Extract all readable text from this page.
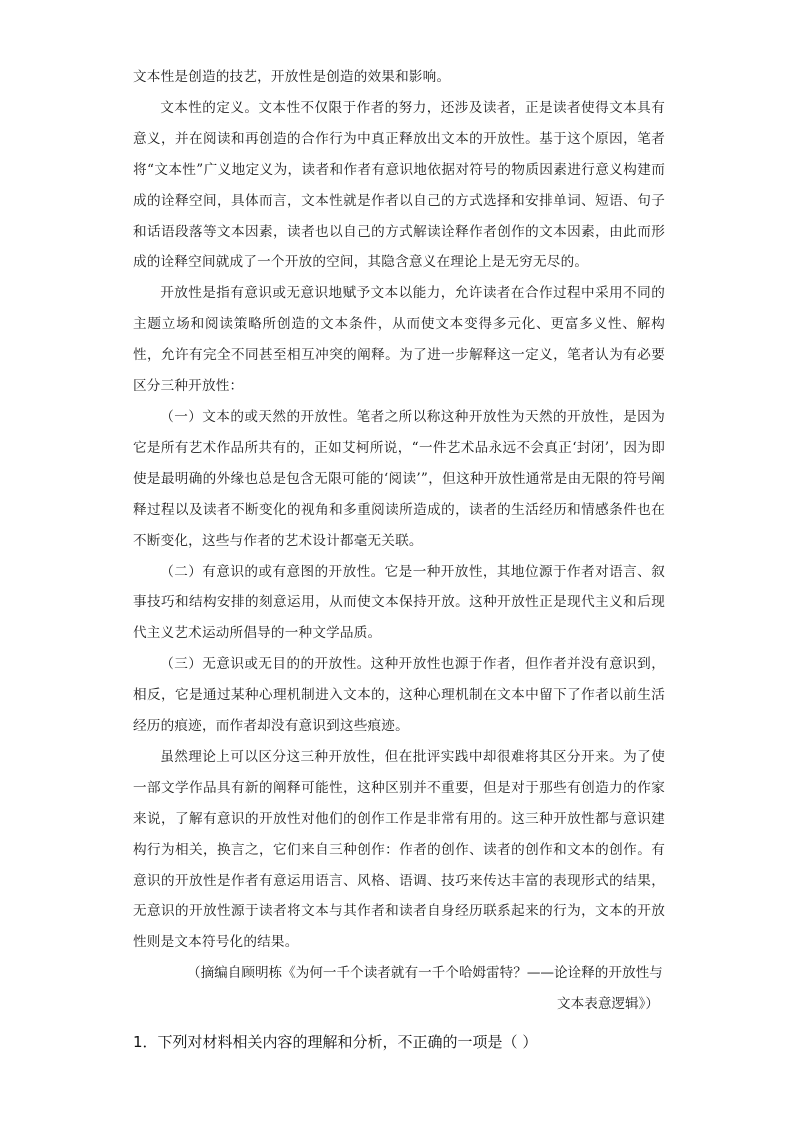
文本性是创造的技艺，开放性是创造的效果和影响。

文本性的定义。文本性不仅限于作者的努力，还涉及读者，正是读者使得文本具有意义，并在阅读和再创造的合作行为中真正释放出文本的开放性。基于这个原因，笔者将“文本性”广义地定义为，读者和作者有意识地依据对符号的物质因素进行意义构建而成的诠释空间，具体而言，文本性就是作者以自己的方式选择和安排单词、短语、句子和话语段落等文本因素，读者也以自己的方式解读诠释作者创作的文本因素，由此而形成的诠释空间就成了一个开放的空间，其隐含意义在理论上是无穷无尽的。

开放性是指有意识或无意识地赋予文本以能力，允许读者在合作过程中采用不同的主题立场和阅读策略所创造的文本条件，从而使文本变得多元化、更富多义性、解构性，允许有完全不同甚至相互冲突的阐释。为了进一步解释这一定义，笔者认为有必要区分三种开放性：

（一）文本的或天然的开放性。笔者之所以称这种开放性为天然的开放性，是因为它是所有艺术作品所共有的，正如艾柯所说，“一件艺术品永远不会真正‘封闭’，因为即使是最明确的外缘也总是包含无限可能的‘阅读’”，但这种开放性通常是由无限的符号阐释过程以及读者不断变化的视角和多重阅读所造成的，读者的生活经历和情感条件也在不断变化，这些与作者的艺术设计都毫无关联。

（二）有意识的或有意图的开放性。它是一种开放性，其地位源于作者对语言、叙事技巧和结构安排的刻意运用，从而使文本保持开放。这种开放性正是现代主义和后现代主义艺术运动所倡导的一种文学品质。

（三）无意识或无目的的开放性。这种开放性也源于作者，但作者并没有意识到，相反，它是通过某种心理机制进入文本的，这种心理机制在文本中留下了作者以前生活经历的痕迹，而作者却没有意识到这些痕迹。

虽然理论上可以区分这三种开放性，但在批评实践中却很难将其区分开来。为了使一部文学作品具有新的阐释可能性，这种区别并不重要，但是对于那些有创造力的作家来说，了解有意识的开放性对他们的创作工作是非常有用的。这三种开放性都与意识建构行为相关，换言之，它们来自三种创作：作者的创作、读者的创作和文本的创作。有意识的开放性是作者有意运用语言、风格、语调、技巧来传达丰富的表现形式的结果，无意识的开放性源于读者将文本与其作者和读者自身经历联系起来的行为，文本的开放性则是文本符号化的结果。

（摘编自顾明栋《为何一千个读者就有一千个哈姆雷特？——论诠释的开放性与

文本表意逻辑》）

1．下列对材料相关内容的理解和分析，不正确的一项是（ ）
